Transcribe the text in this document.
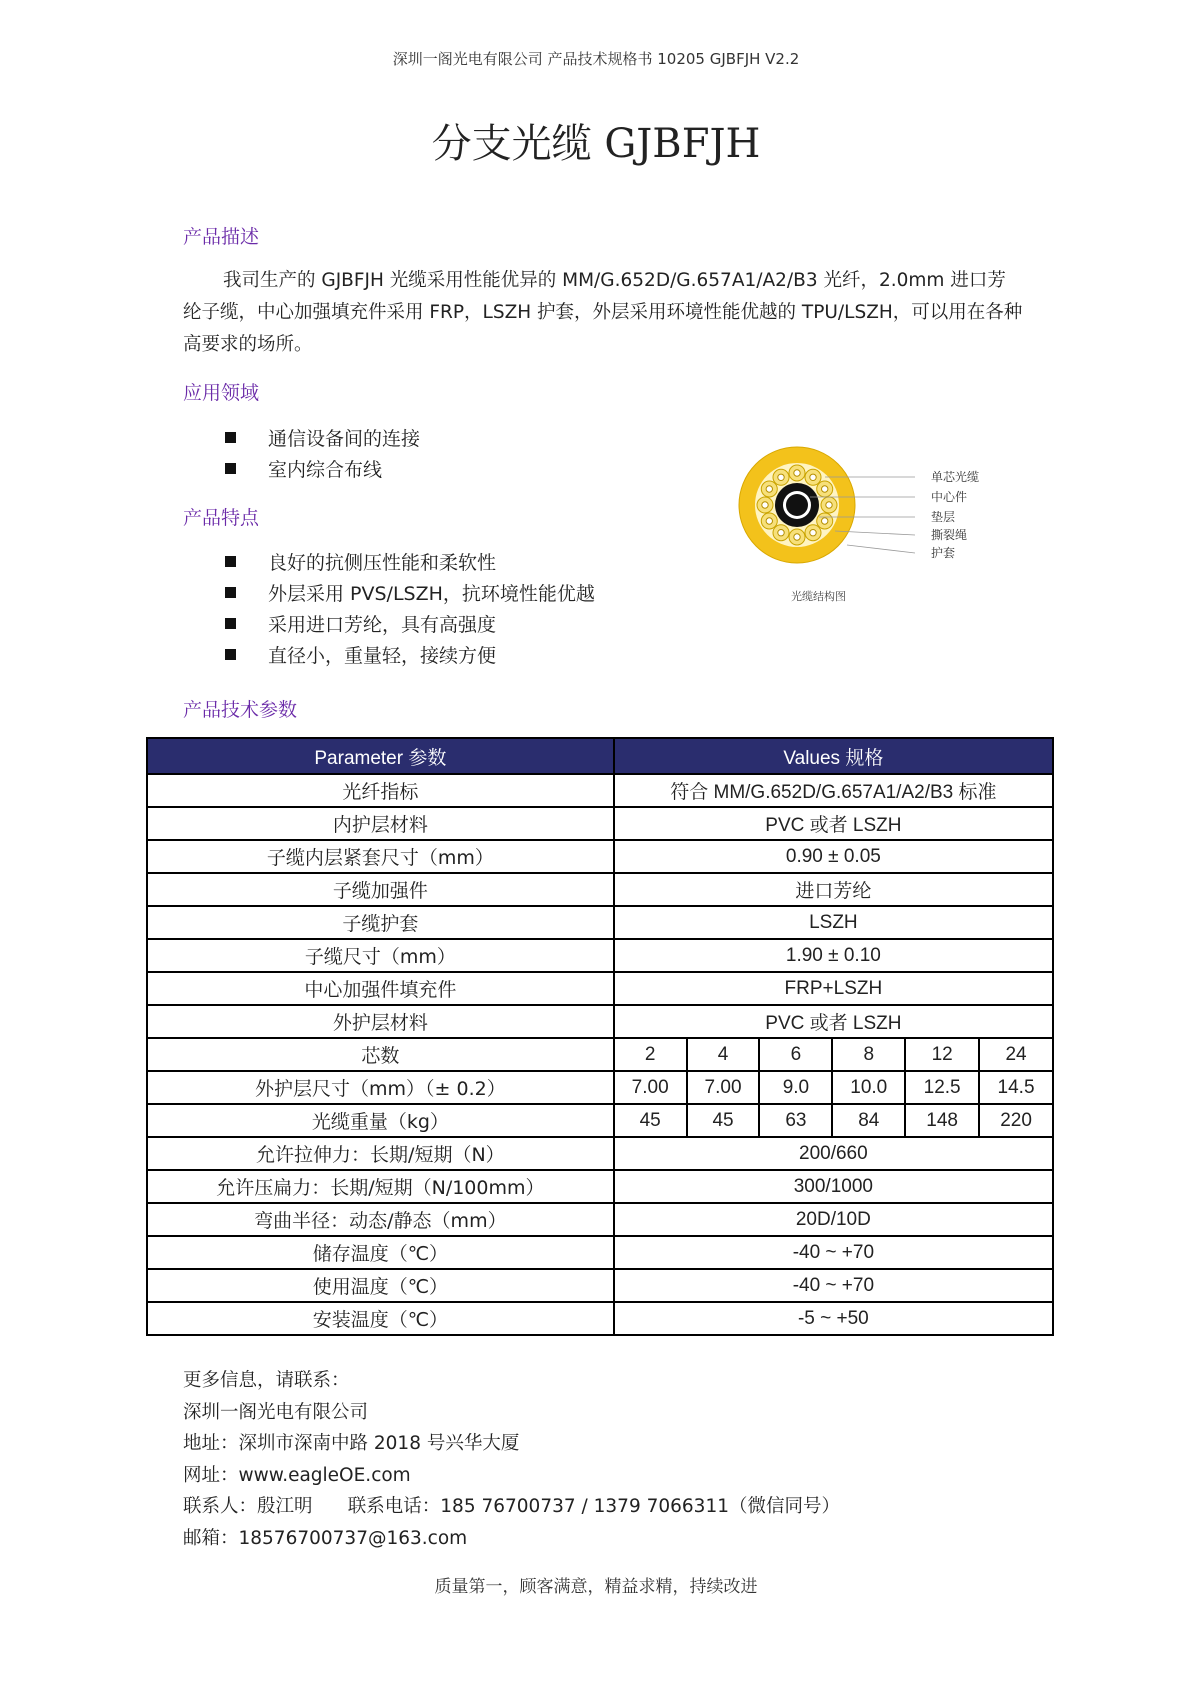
深圳一阁光电有限公司 产品技术规格书 10205 GJBFJH V2.2
分支光缆 GJBFJH
产品描述
我司生产的 GJBFJH 光缆采用性能优异的 MM/G.652D/G.657A1/A2/B3 光纤，2.0mm 进口芳纶子缆，中心加强填充件采用 FRP，LSZH 护套，外层采用环境性能优越的 TPU/LSZH，可以用在各种高要求的场所。
应用领域
通信设备间的连接
室内综合布线
产品特点
良好的抗侧压性能和柔软性
外层采用 PVS/LSZH，抗环境性能优越
采用进口芳纶，具有高强度
直径小，重量轻，接续方便
单芯光缆
中心件
垫层
撕裂绳
护套
光缆结构图
产品技术参数
Parameter 参数	Values 规格					
光纤指标	符合 MM/G.652D/G.657A1/A2/B3 标准					
内护层材料	PVC 或者 LSZH					
子缆内层紧套尺寸（mm）	0.90 ± 0.05					
子缆加强件	进口芳纶					
子缆护套	LSZH					
子缆尺寸（mm）	1.90 ± 0.10					
中心加强件填充件	FRP+LSZH					
外护层材料	PVC 或者 LSZH					
芯数	2	4	6	8	12	24
外护层尺寸（mm）（± 0.2）	7.00	7.00	9.0	10.0	12.5	14.5
光缆重量（kg）	45	45	63	84	148	220
允许拉伸力：长期/短期（N）	200/660					
允许压扁力：长期/短期（N/100mm）	300/1000					
弯曲半径：动态/静态（mm）	20D/10D					
储存温度（℃）	-40 ~ +70					
使用温度（℃）	-40 ~ +70					
安装温度（℃）	-5 ~ +50					
更多信息，请联系：
深圳一阁光电有限公司
地址：深圳市深南中路 2018 号兴华大厦
网址：www.eagleOE.com
联系人：殷江明      联系电话：185 76700737 / 1379 7066311（微信同号）
邮箱：18576700737@163.com
质量第一，顾客满意，精益求精，持续改进
